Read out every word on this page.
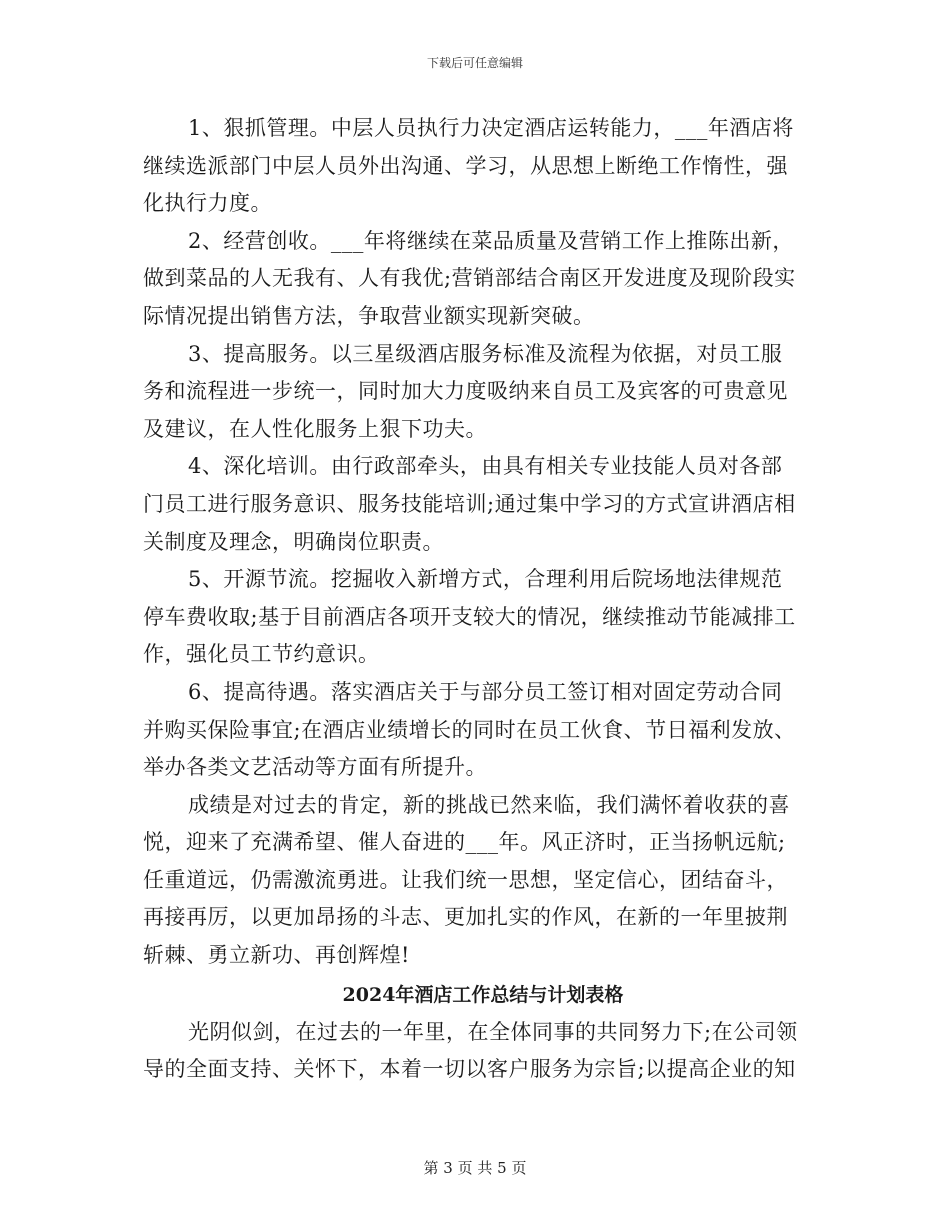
下载后可任意编辑

1、狠抓管理。中层人员执行力决定酒店运转能力，___年酒店将继续选派部门中层人员外出沟通、学习，从思想上断绝工作惰性，强化执行力度。

2、经营创收。___年将继续在菜品质量及营销工作上推陈出新，做到菜品的人无我有、人有我优;营销部结合南区开发进度及现阶段实际情况提出销售方法，争取营业额实现新突破。

3、提高服务。以三星级酒店服务标准及流程为依据，对员工服务和流程进一步统一，同时加大力度吸纳来自员工及宾客的可贵意见及建议，在人性化服务上狠下功夫。

4、深化培训。由行政部牵头，由具有相关专业技能人员对各部门员工进行服务意识、服务技能培训;通过集中学习的方式宣讲酒店相关制度及理念，明确岗位职责。

5、开源节流。挖掘收入新增方式，合理利用后院场地法律规范停车费收取;基于目前酒店各项开支较大的情况，继续推动节能减排工作，强化员工节约意识。

6、提高待遇。落实酒店关于与部分员工签订相对固定劳动合同并购买保险事宜;在酒店业绩增长的同时在员工伙食、节日福利发放、举办各类文艺活动等方面有所提升。

成绩是对过去的肯定，新的挑战已然来临，我们满怀着收获的喜悦，迎来了充满希望、催人奋进的___年。风正济时，正当扬帆远航;任重道远，仍需激流勇进。让我们统一思想，坚定信心，团结奋斗，再接再厉，以更加昂扬的斗志、更加扎实的作风，在新的一年里披荆斩棘、勇立新功、再创辉煌!

2024年酒店工作总结与计划表格

光阴似剑，在过去的一年里，在全体同事的共同努力下;在公司领导的全面支持、关怀下，本着一切以客户服务为宗旨;以提高企业的知

第 3 页 共 5 页
